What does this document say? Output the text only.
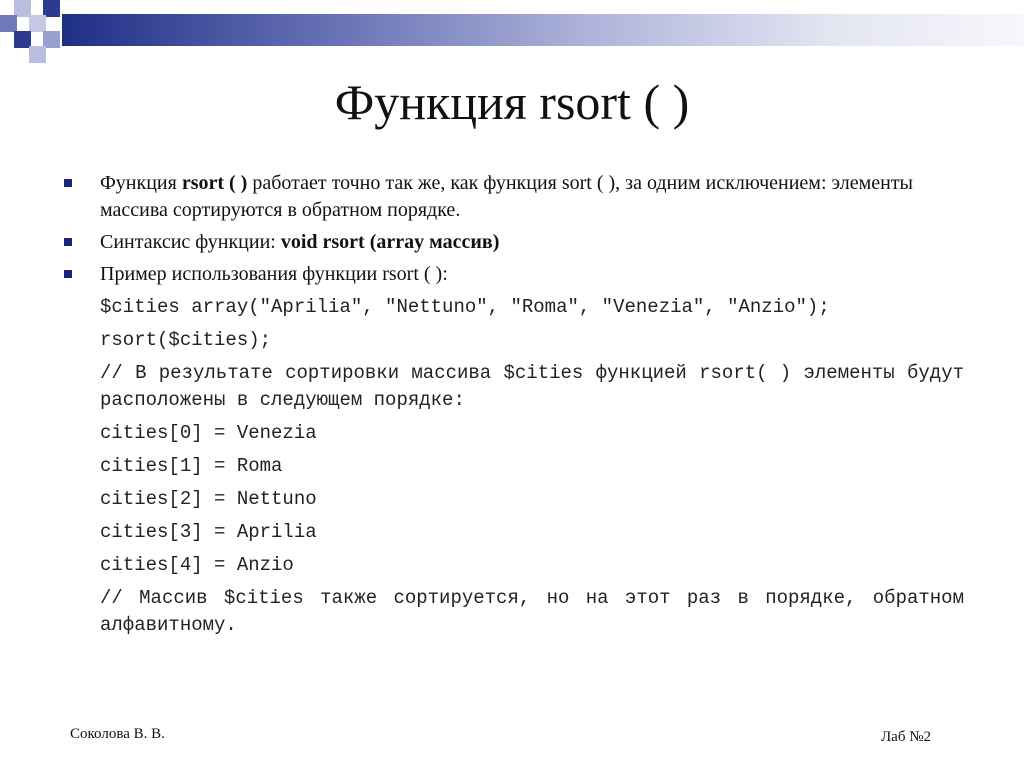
Функция rsort ( )
Функция rsort ( ) работает точно так же, как функция sort ( ), за одним исключением: элементы массива сортируются в обратном порядке.
Синтаксис функции: void rsort (array массив)
Пример использования функции rsort ( ):
$cities array("Aprilia", "Nettuno", "Roma", "Venezia", "Anzio");
rsort($cities);
// В результате сортировки массива $cities функцией rsort( ) элементы будут расположены в следующем порядке:
cities[0] = Venezia
cities[1] = Roma
cities[2] = Nettuno
cities[3] = Aprilia
cities[4] = Anzio
// Массив $cities также сортируется, но на этот раз в порядке, обратном алфавитному.
Соколова В. В.	Лаб №2
